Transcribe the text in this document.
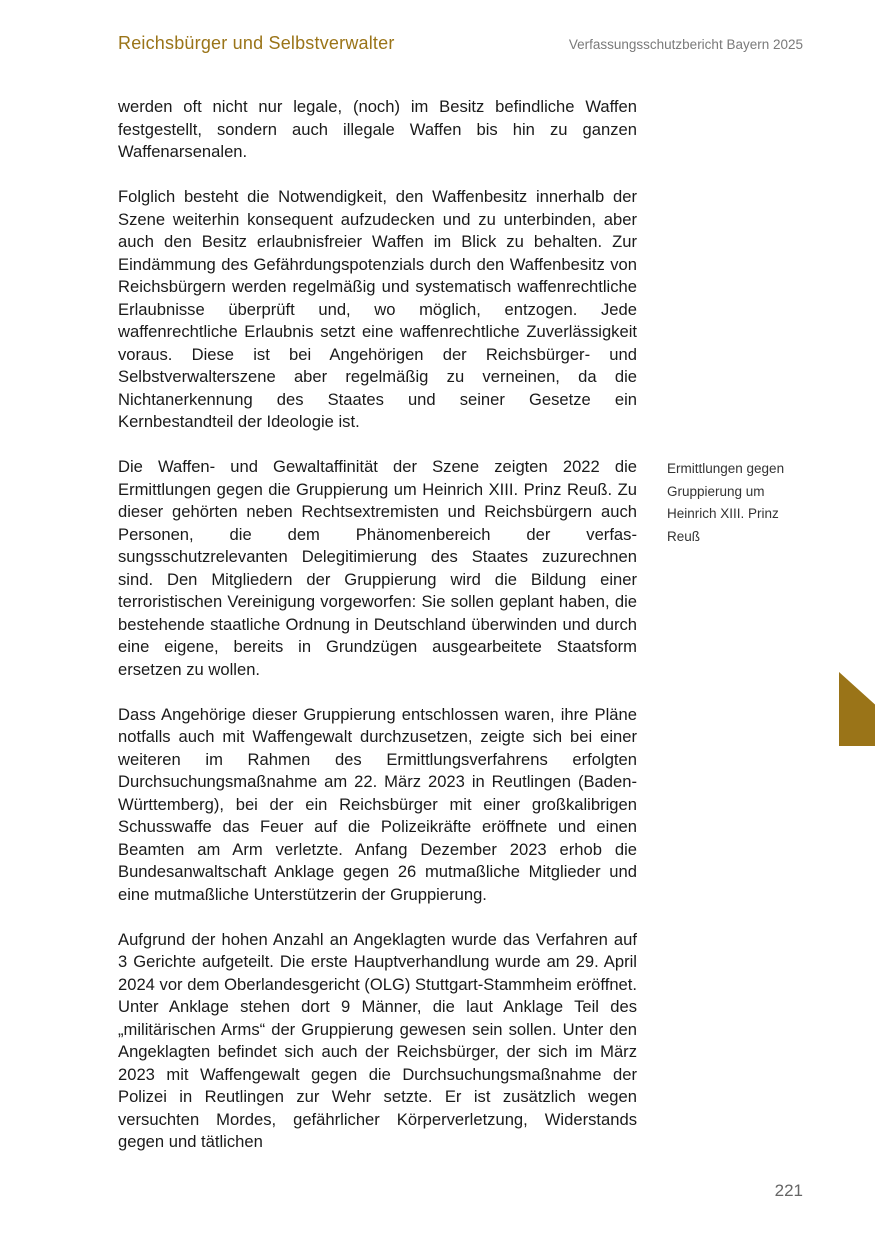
Reichsbürger und Selbstverwalter	Verfassungsschutzbericht Bayern 2025

werden oft nicht nur legale, (noch) im Besitz befindliche Waffen festgestellt, sondern auch illegale Waffen bis hin zu ganzen Waffenarsenalen.

Folglich besteht die Notwendigkeit, den Waffenbesitz innerhalb der Szene weiterhin konsequent aufzudecken und zu unterbinden, aber auch den Besitz erlaubnisfreier Waffen im Blick zu behalten. Zur Eindämmung des Gefährdungspotenzials durch den Waffenbesitz von Reichsbürgern werden regelmäßig und systematisch waffenrechtliche Erlaubnisse überprüft und, wo möglich, entzogen. Jede waffenrechtliche Erlaubnis setzt eine waffenrechtliche Zuverlässigkeit voraus. Diese ist bei Angehörigen der Reichsbürger- und Selbstverwalterszene aber regelmäßig zu verneinen, da die Nichtanerkennung des Staates und seiner Gesetze ein Kernbestandteil der Ideologie ist.

Die Waffen- und Gewaltaffinität der Szene zeigten 2022 die Ermittlungen gegen die Gruppierung um Heinrich XIII. Prinz Reuß. Zu dieser gehörten neben Rechtsextremisten und Reichsbürgern auch Personen, die dem Phänomenbereich der verfassungsschutzrelevanten Delegitimierung des Staates zuzurechnen sind. Den Mitgliedern der Gruppierung wird die Bildung einer terroristischen Vereinigung vorgeworfen: Sie sollen geplant haben, die bestehende staatliche Ordnung in Deutschland überwinden und durch eine eigene, bereits in Grundzügen ausgearbeitete Staatsform ersetzen zu wollen.

Dass Angehörige dieser Gruppierung entschlossen waren, ihre Pläne notfalls auch mit Waffengewalt durchzusetzen, zeigte sich bei einer weiteren im Rahmen des Ermittlungsverfahrens erfolgten Durchsuchungsmaßnahme am 22. März 2023 in Reutlingen (Baden-Württemberg), bei der ein Reichsbürger mit einer großkalibrigen Schusswaffe das Feuer auf die Polizeikräfte eröffnete und einen Beamten am Arm verletzte. Anfang Dezember 2023 erhob die Bundesanwaltschaft Anklage gegen 26 mutmaßliche Mitglieder und eine mutmaßliche Unterstützerin der Gruppierung.

Aufgrund der hohen Anzahl an Angeklagten wurde das Verfahren auf 3 Gerichte aufgeteilt. Die erste Hauptverhandlung wurde am 29. April 2024 vor dem Oberlandesgericht (OLG) Stuttgart-Stammheim eröffnet. Unter Anklage stehen dort 9 Männer, die laut Anklage Teil des „militärischen Arms“ der Gruppierung gewesen sein sollen. Unter den Angeklagten befindet sich auch der Reichsbürger, der sich im März 2023 mit Waffengewalt gegen die Durchsuchungsmaßnahme der Polizei in Reutlingen zur Wehr setzte. Er ist zusätzlich wegen versuchten Mordes, gefährlicher Körperverletzung, Widerstands gegen und tätlichen

Ermittlungen gegen Gruppierung um Heinrich XIII. Prinz Reuß
221
